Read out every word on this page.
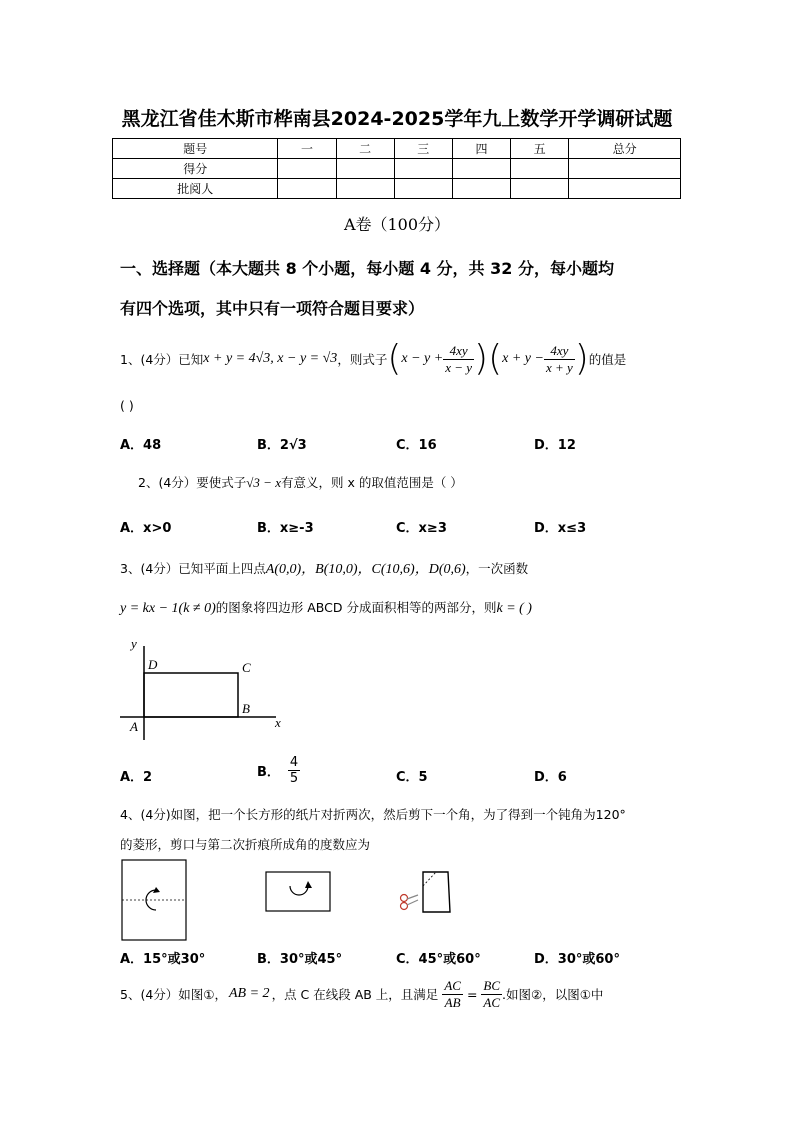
黑龙江省佳木斯市桦南县2024-2025学年九上数学开学调研试题
题号	一	二	三	四	五	总分
得分						
批阅人						
A卷（100分）
一、选择题（本大题共 8 个小题，每小题 4 分，共 32 分，每小题均
有四个选项，其中只有一项符合题目要求）
1、(4分）已知 x + y = 4√3, x − y = √3 ，则式子 ( $x - y + \frac{4xy}{x - y}$ ) ( $x + y - \frac{4xy}{x + y}$ ) 的值是
( )
A．48	B．2√3	C．16	D．12
2、(4分）要使式子√3 − x有意义，则 x 的取值范围是（ ）
A．x>0	B．x≥-3	C．x≥3	D．x≤3
3、(4分）已知平面上四点A(0,0)，B(10,0)，C(10,6)，D(0,6)，一次函数
y = kx − 1(k ≠ 0)的图象将四边形 ABCD 分成面积相等的两部分，则k = ( )
y
x
A
B
C
D
A．2	B． $\frac{4}{5}$	C．5	D．6
4、(4分)如图，把一个长方形的纸片对折两次，然后剪下一个角，为了得到一个钝角为120°
的菱形，剪口与第二次折痕所成角的度数应为
A．15°或30°	B．30°或45°	C．45°或60°	D．30°或60°
5、(4分）如图①， AB = 2 ，点 C 在线段 AB 上，且满足 $\frac{AC}{AB} = \frac{BC}{AC}$ .如图②，以图①中
